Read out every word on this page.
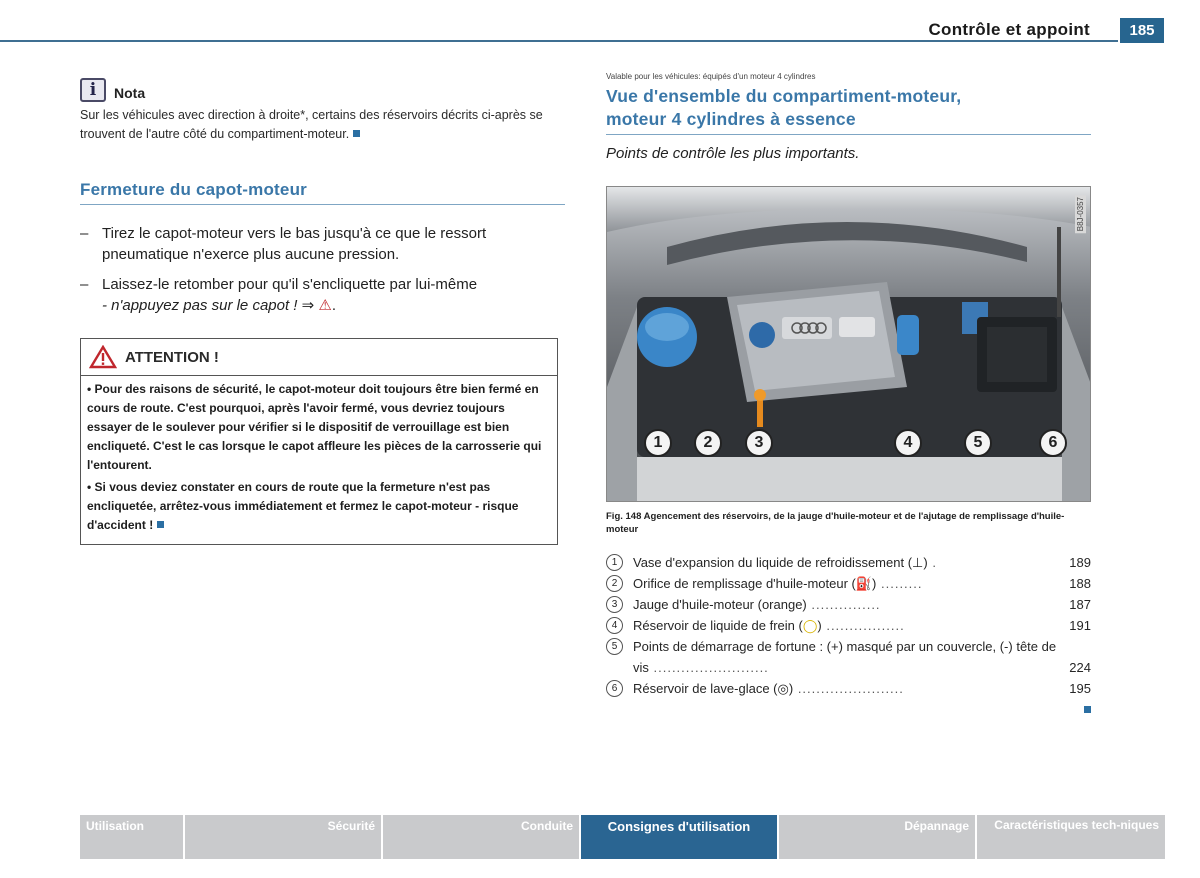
Contrôle et appoint	185
i Nota

Sur les véhicules avec direction à droite*, certains des réservoirs décrits ci-après se trouvent de l'autre côté du compartiment-moteur.

Fermeture du capot-moteur
– Tirez le capot-moteur vers le bas jusqu'à ce que le ressort pneumatique n'exerce plus aucune pression.
– Laissez-le retomber pour qu'il s'encliquette par lui-même
- n'appuyez pas sur le capot ! ⇒ ⚠.
ATTENTION !

• Pour des raisons de sécurité, le capot-moteur doit toujours être bien fermé en cours de route. C'est pourquoi, après l'avoir fermé, vous devriez toujours essayer de le soulever pour vérifier si le dispositif de verrouillage est bien encliqueté. C'est le cas lorsque le capot affleure les pièces de la carrosserie qui l'entourent.

• Si vous deviez constater en cours de route que la fermeture n'est pas encliquetée, arrêtez-vous immédiatement et fermez le capot-moteur - risque d'accident !

Valable pour les véhicules: équipés d'un moteur 4 cylindres
Vue d'ensemble du compartiment-moteur,
moteur 4 cylindres à essence
Points de contrôle les plus importants.
B8J-0357
1	2	3	4	5	6
Fig. 148 Agencement des réservoirs, de la jauge d'huile-moteur et de l'ajutage de remplissage d'huile-moteur
1	Vase d'expansion du liquide de refroidissement (⊥) .	189
2	Orifice de remplissage d'huile-moteur (⛽) .........	188
3	Jauge d'huile-moteur (orange) ...............	187
4	Réservoir de liquide de frein (◯) .................	191
5	Points de démarrage de fortune : (+) masqué par un couvercle, (-) tête de vis .........................	224
6	Réservoir de lave-glace (◎) .......................	195
Utilisation	Sécurité	Conduite	Consignes d'utilisation	Dépannage	Caractéristiques tech-niques
